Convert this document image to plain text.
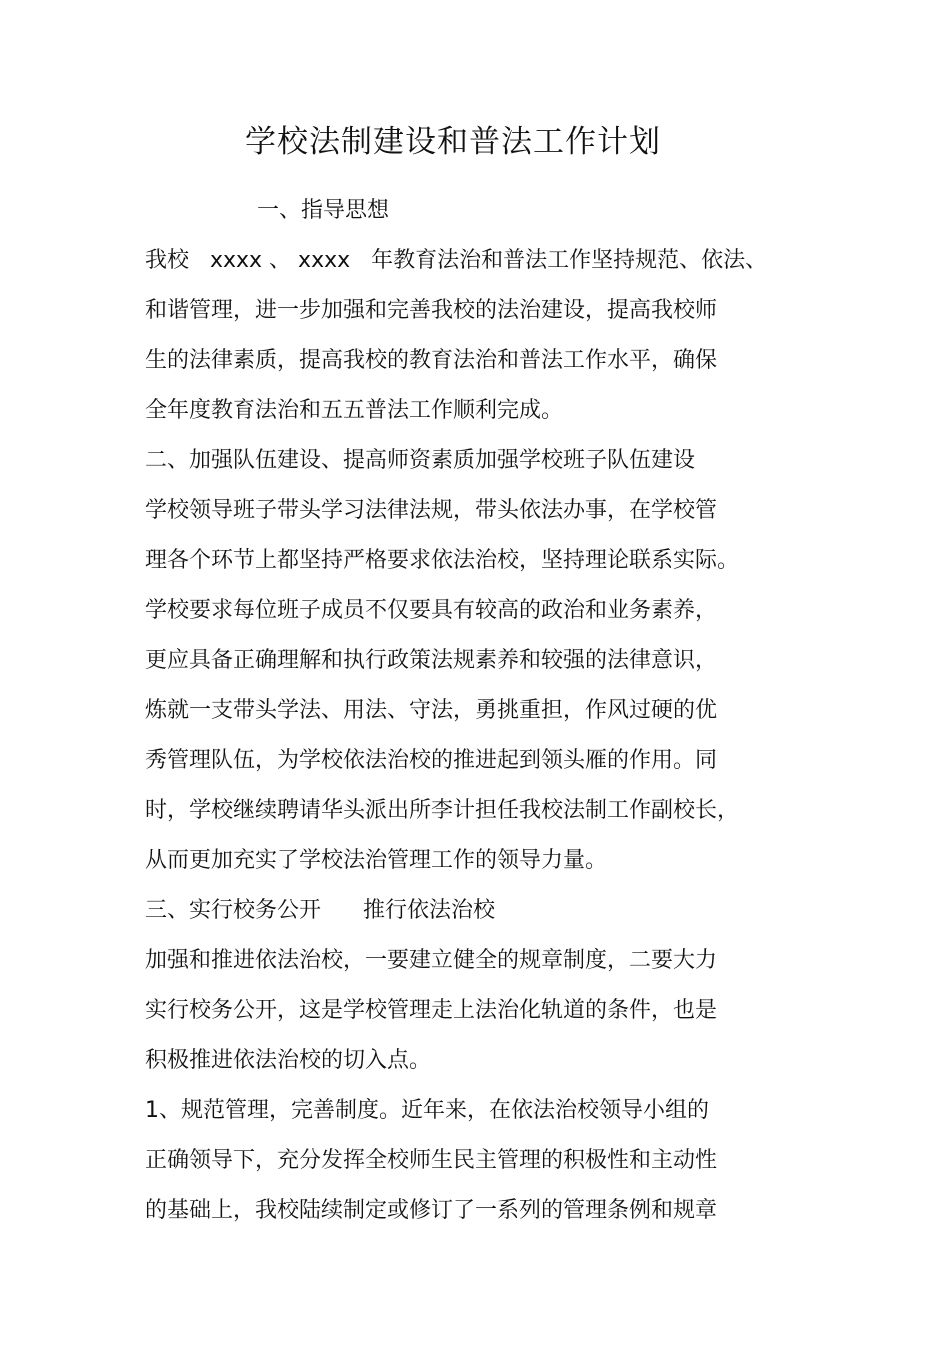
学校法制建设和普法工作计划
一、指导思想
我校   xxxx 、 xxxx   年教育法治和普法工作坚持规范、依法、
和谐管理，进一步加强和完善我校的法治建设，提高我校师
生的法律素质，提高我校的教育法治和普法工作水平，确保
全年度教育法治和五五普法工作顺利完成。
二、加强队伍建设、提高师资素质加强学校班子队伍建设
学校领导班子带头学习法律法规，带头依法办事，在学校管
理各个环节上都坚持严格要求依法治校，坚持理论联系实际。
学校要求每位班子成员不仅要具有较高的政治和业务素养，
更应具备正确理解和执行政策法规素养和较强的法律意识，
炼就一支带头学法、用法、守法，勇挑重担，作风过硬的优
秀管理队伍，为学校依法治校的推进起到领头雁的作用。同
时，学校继续聘请华头派出所李计担任我校法制工作副校长，
从而更加充实了学校法治管理工作的领导力量。
三、实行校务公开      推行依法治校
加强和推进依法治校，一要建立健全的规章制度，二要大力
实行校务公开，这是学校管理走上法治化轨道的条件，也是
积极推进依法治校的切入点。
1、规范管理，完善制度。近年来，在依法治校领导小组的
正确领导下，充分发挥全校师生民主管理的积极性和主动性
的基础上，我校陆续制定或修订了一系列的管理条例和规章
